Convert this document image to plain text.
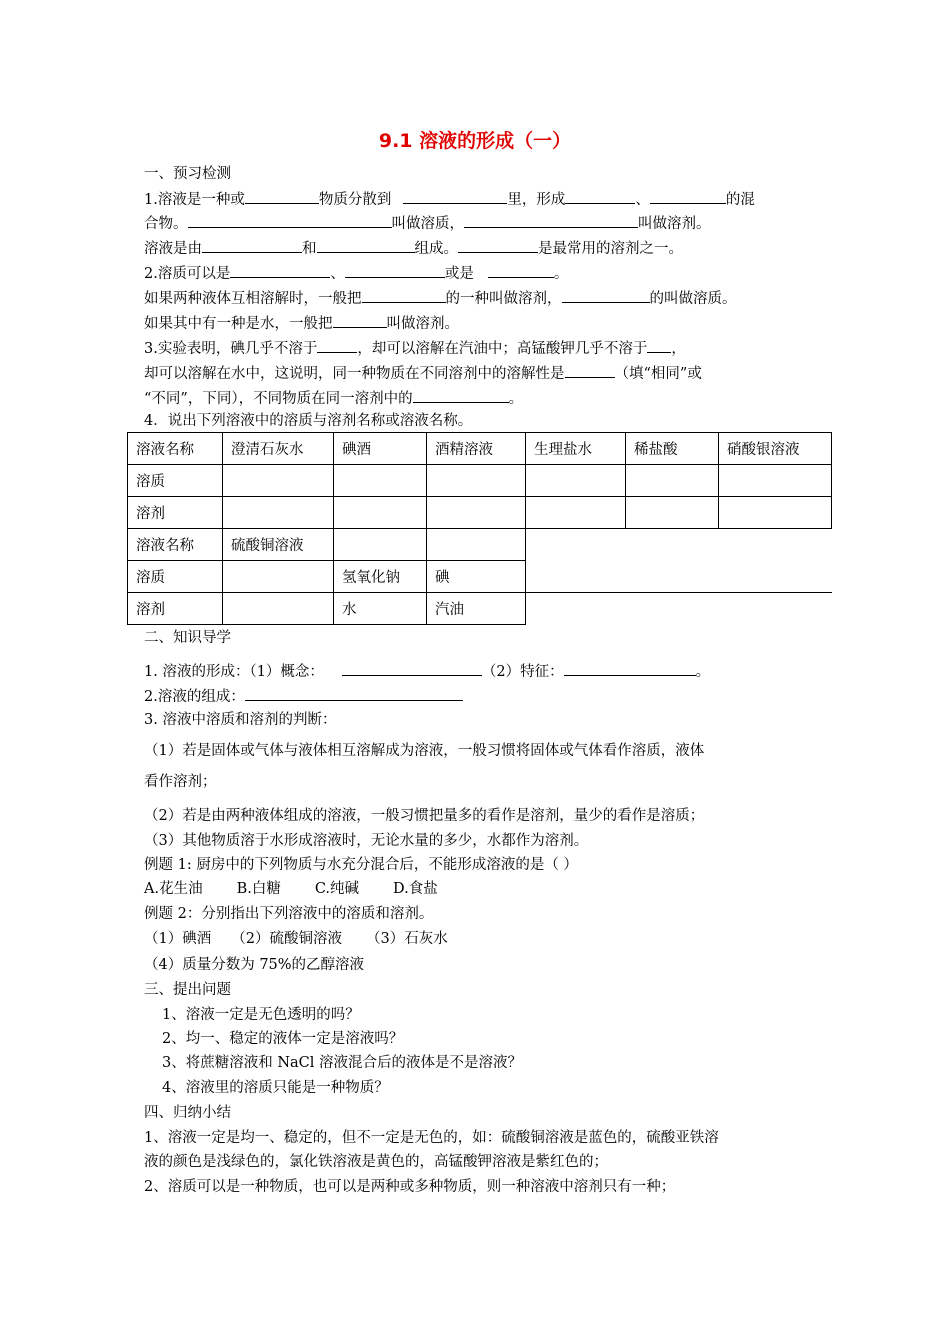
9.1 溶液的形成（一）
一、预习检测
1.溶液是一种或	物质分散到	里，形成	、	的混
合物。	叫做溶质，	叫做溶剂。
溶液是由	和	组成。	是最常用的溶剂之一。
2.溶质可以是	、	或是	。
如果两种液体互相溶解时，一般把	的一种叫做溶剂，	的叫做溶质。
如果其中有一种是水，一般把	叫做溶剂。
3.实验表明，碘几乎不溶于	，却可以溶解在汽油中；高锰酸钾几乎不溶于 ，
却可以溶解在水中，这说明，同一种物质在不同溶剂中的溶解性是	（填“相同”或
“不同”，下同），不同物质在同一溶剂中的	。
4．说出下列溶液中的溶质与溶剂名称或溶液名称。
溶液名称	澄清石灰水	碘酒	酒精溶液	生理盐水	稀盐酸	硝酸银溶液
溶质						
溶剂						
溶液名称	硫酸铜溶液					
溶质		氢氧化钠	碘			
溶剂		水	汽油			
二、知识导学
1. 溶液的形成：（1）概念：	（2）特征：	。
2.溶液的组成：
3. 溶液中溶质和溶剂的判断：
（1）若是固体或气体与液体相互溶解成为溶液，一般习惯将固体或气体看作溶质，液体
看作溶剂；
（2）若是由两种液体组成的溶液，一般习惯把量多的看作是溶剂，量少的看作是溶质；
（3）其他物质溶于水形成溶液时，无论水量的多少，水都作为溶剂。
例题 1: 厨房中的下列物质与水充分混合后，不能形成溶液的是（ ）
A.花生油 B.白糖 C.纯碱 D.食盐
例题 2：分别指出下列溶液中的溶质和溶剂。
（1）碘酒 （2）硫酸铜溶液 （3）石灰水
（4）质量分数为 75%的乙醇溶液
三、提出问题
1、溶液一定是无色透明的吗？
2、均一、稳定的液体一定是溶液吗？
3、将蔗糖溶液和 NaCl 溶液混合后的液体是不是溶液？
4、溶液里的溶质只能是一种物质？
四、归纳小结
1、溶液一定是均一、稳定的，但不一定是无色的，如：硫酸铜溶液是蓝色的，硫酸亚铁溶
液的颜色是浅绿色的，氯化铁溶液是黄色的，高锰酸钾溶液是紫红色的；
2、溶质可以是一种物质，也可以是两种或多种物质，则一种溶液中溶剂只有一种；
